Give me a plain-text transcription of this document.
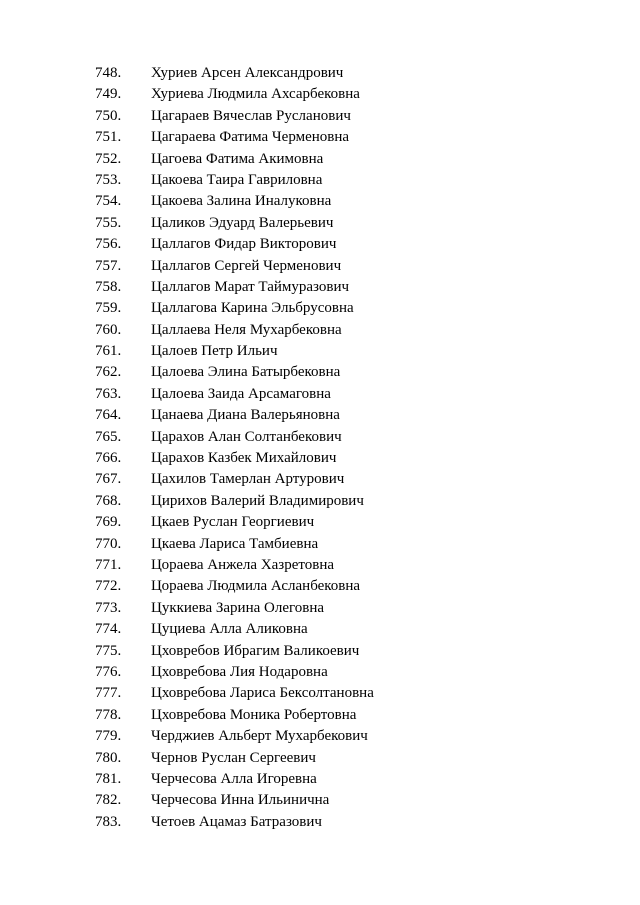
748. Хуриев Арсен Александрович
749. Хуриева Людмила Ахсарбековна
750. Цагараев Вячеслав Русланович
751. Цагараева Фатима Черменовна
752. Цагоева Фатима Акимовна
753. Цакоева Таира Гавриловна
754. Цакоева Залина Иналуковна
755. Цаликов Эдуард Валерьевич
756. Цаллагов Фидар Викторович
757. Цаллагов Сергей Черменович
758. Цаллагов Марат Таймуразович
759. Цаллагова Карина Эльбрусовна
760. Цаллаева Неля Мухарбековна
761. Цалоев Петр Ильич
762. Цалоева Элина Батырбековна
763. Цалоева Заида Арсамаговна
764. Цанаева Диана Валерьяновна
765. Царахов Алан Солтанбекович
766. Царахов Казбек Михайлович
767. Цахилов Тамерлан Артурович
768. Цирихов Валерий Владимирович
769. Цкаев Руслан Георгиевич
770. Цкаева Лариса Тамбиевна
771. Цораева Анжела Хазретовна
772. Цораева Людмила Асланбековна
773. Цуккиева Зарина Олеговна
774. Цуциева Алла Аликовна
775. Цховребов Ибрагим Валикоевич
776. Цховребова Лия Нодаровна
777. Цховребова Лариса Бексолтановна
778. Цховребова Моника Робертовна
779. Черджиев Альберт Мухарбекович
780. Чернов Руслан Сергеевич
781. Черчесова Алла Игоревна
782. Черчесова Инна Ильинична
783. Четоев Ацамаз Батразович
